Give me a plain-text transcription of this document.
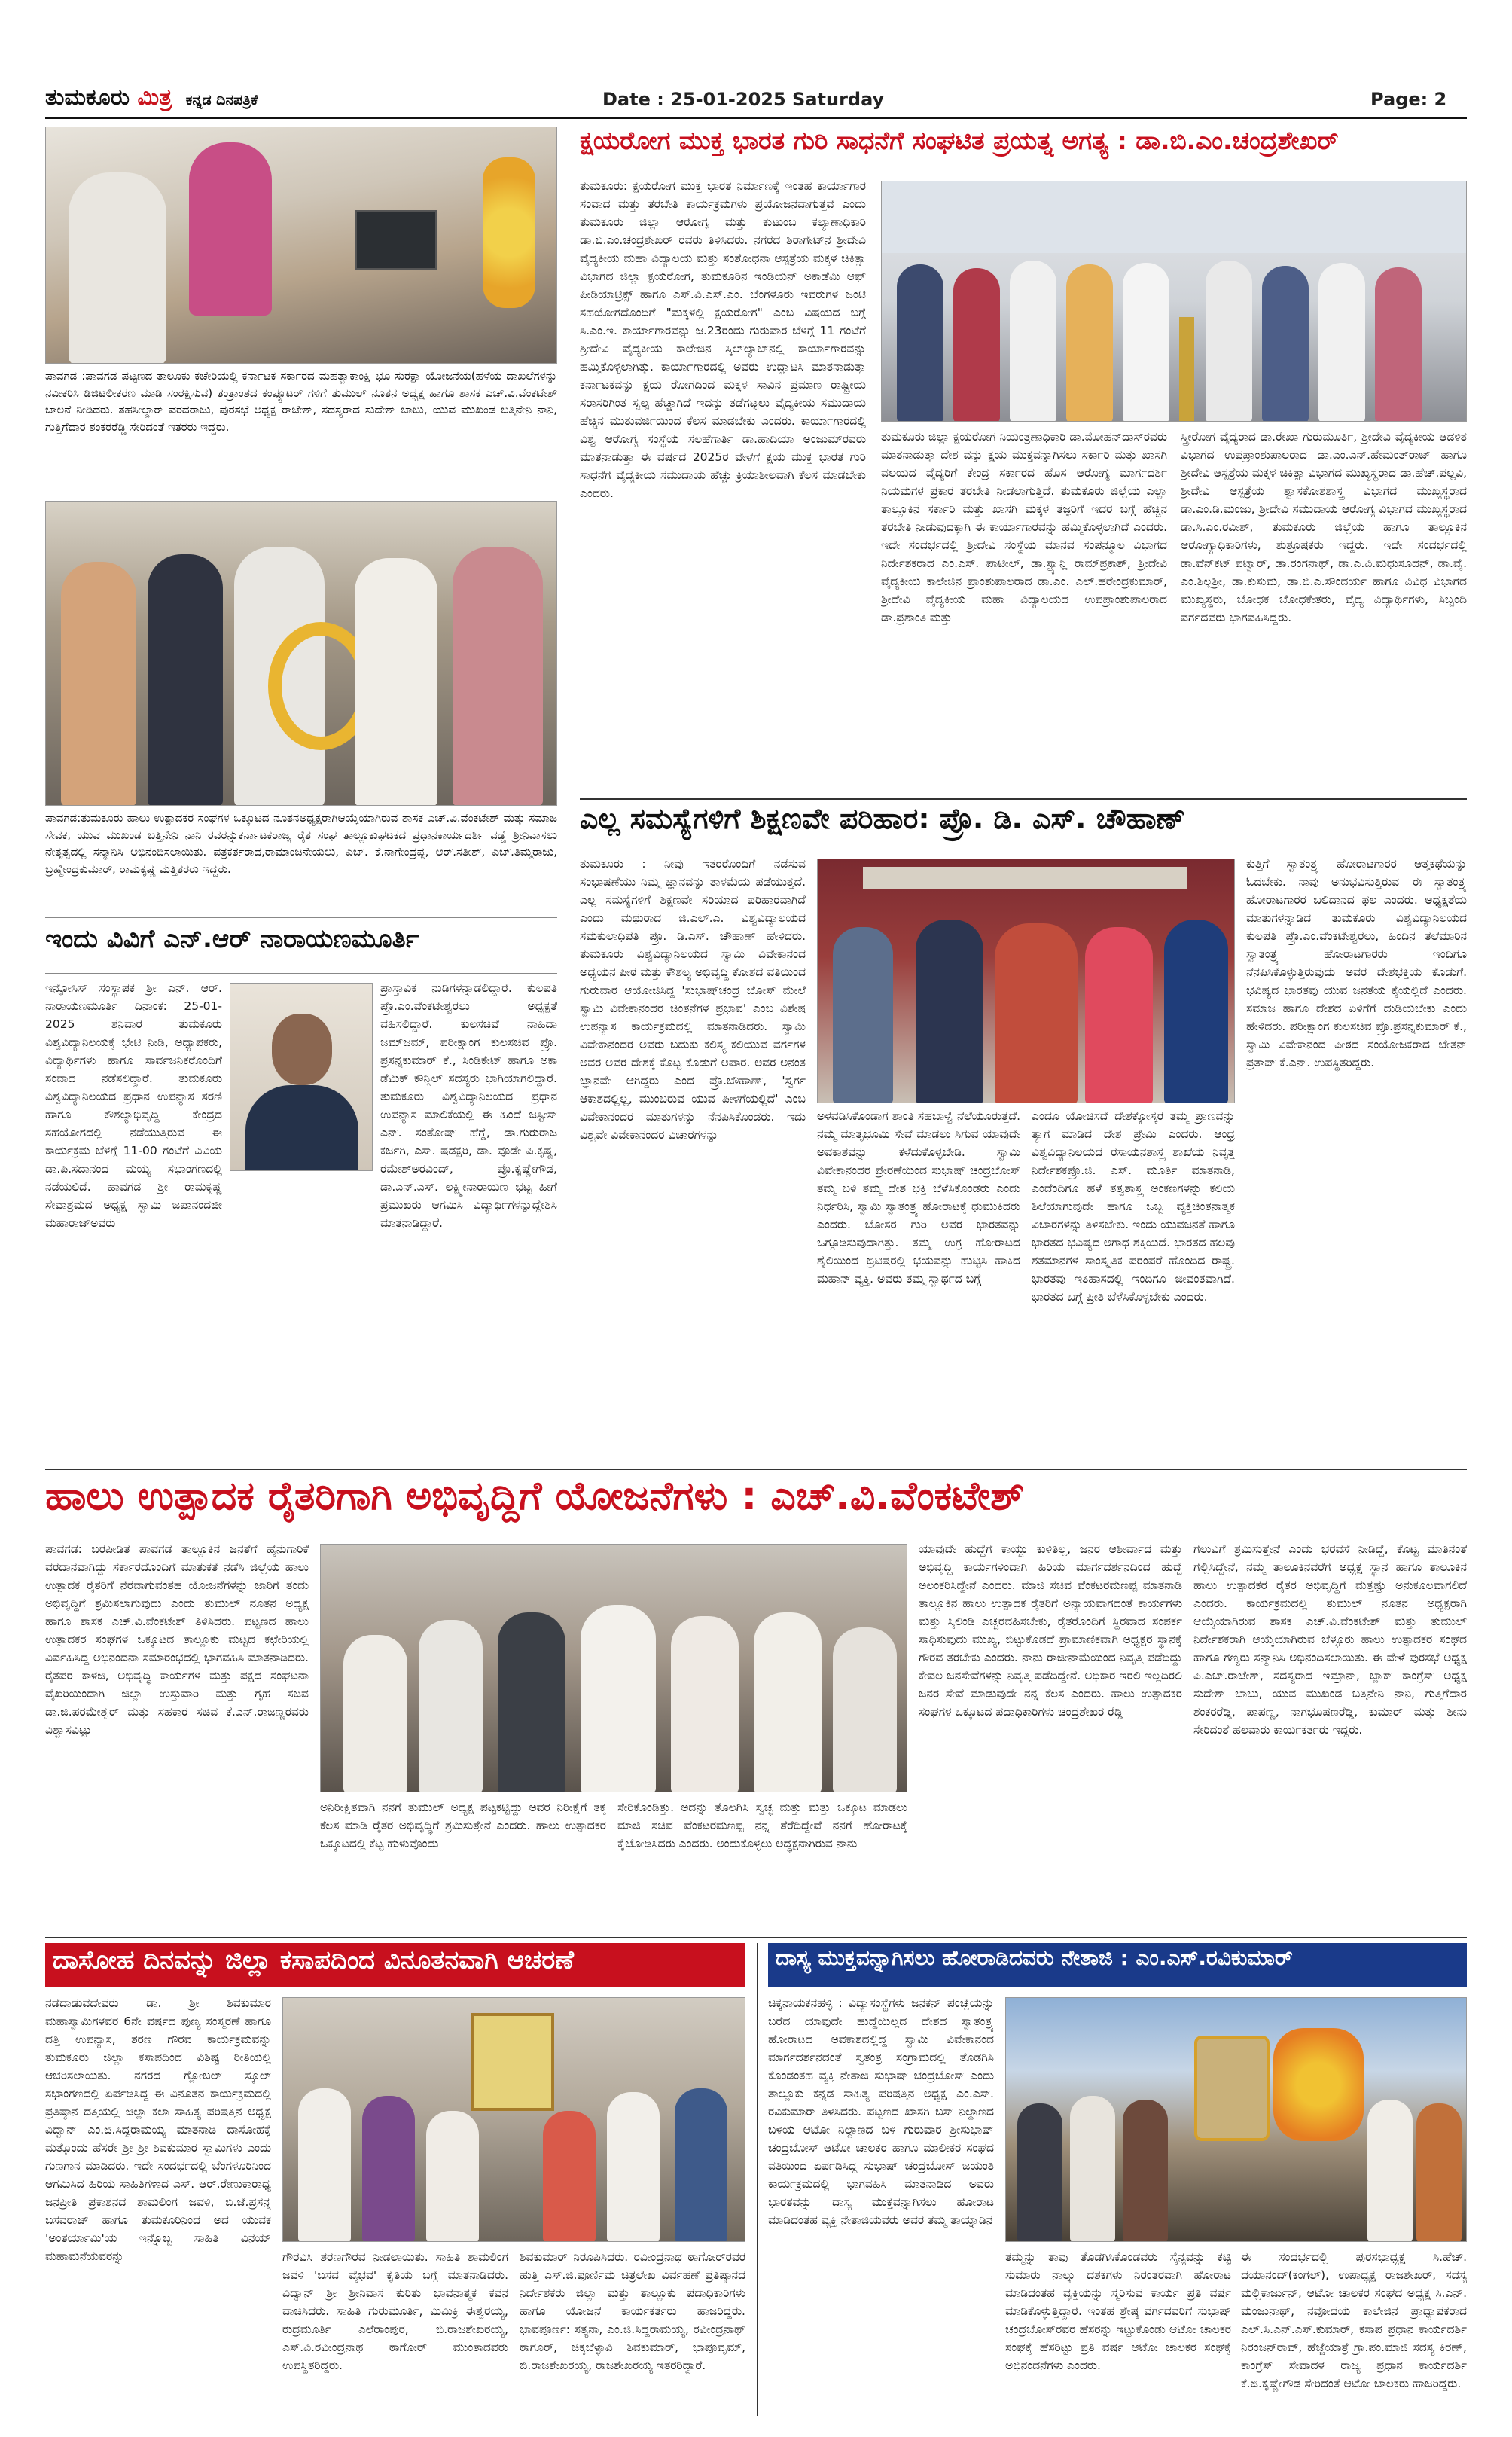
ತುಮಕೂರು ಮಿತ್ರ ಕನ್ನಡ ದಿನಪತ್ರಿಕೆ	Date : 25-01-2025 Saturday	Page: 2
ಪಾವಗಡ :ಪಾವಗಡ ಪಟ್ಟಣದ ತಾಲೂಕು ಕಚೇರಿಯಲ್ಲಿ ಕರ್ನಾಟಕ ಸರ್ಕಾರದ ಮಹತ್ವಾಕಾಂಕ್ಷಿ ಭೂ ಸುರಕ್ಷಾ ಯೋಜನೆಯ(ಹಳೆಯ ದಾಖಲೆಗಳನ್ನು ನವೀಕರಿಸಿ ಡಿಜಿಟಲೀಕರಣ ಮಾಡಿ ಸಂರಕ್ಷಿಸುವ) ತಂತ್ರಾಂಶದ ಕಂಪ್ಯೂಟರ್ ಗಳಿಗೆ ತುಮುಲ್ ನೂತನ ಅಧ್ಯಕ್ಷ ಹಾಗೂ ಶಾಸಕ ಎಚ್.ವಿ.ವೆಂಕಟೇಶ್ ಚಾಲನೆ ನೀಡಿದರು. ತಹಸೀಲ್ದಾರ್ ವರದರಾಜು, ಪುರಸಭೆ ಅಧ್ಯಕ್ಷ ರಾಜೇಶ್, ಸದಸ್ಯರಾದ ಸುದೇಶ್ ಬಾಬು, ಯುವ ಮುಖಂಡ ಬತ್ತಿನೇನಿ ನಾನಿ, ಗುತ್ತಿಗೆದಾರ ಶಂಕರರೆಡ್ಡಿ ಸೇರಿದಂತೆ ಇತರರು ಇದ್ದರು.
ಪಾವಗಡ:ತುಮಕೂರು ಹಾಲು ಉತ್ಪಾದಕರ ಸಂಘಗಳ ಒಕ್ಕೂಟದ ನೂತನಅಧ್ಯಕ್ಷರಾಗಿಆಯ್ಕೆಯಾಗಿರುವ ಶಾಸಕ ಎಚ್.ವಿ.ವೆಂಕಟೇಶ್ ಮತ್ತು ಸಮಾಜ ಸೇವಕ, ಯುವ ಮುಖಂಡ ಬತ್ತಿನೇನಿ ನಾನಿ ರವರನ್ನುಕರ್ನಾಟಕರಾಜ್ಯ ರೈತ ಸಂಘ ತಾಲ್ಲೂಕುಘಟಕದ ಪ್ರಧಾನಕಾರ್ಯದರ್ಶಿ ವಡ್ಡೆ ಶ್ರೀನಿವಾಸಲು ನೇತೃತ್ವದಲ್ಲಿ ಸನ್ಮಾನಿಸಿ ಅಭಿನಂದಿಸಲಾಯಿತು. ಪತ್ರಕರ್ತರಾದ,ರಾಮಾಂಜನೇಯಲು, ಎಚ್. ಕೆ.ನಾಗೇಂದ್ರಪ್ಪ, ಆರ್.ಸತೀಶ್, ಎಚ್.ತಿಮ್ಮರಾಜು, ಬ್ರಹ್ಮೇಂದ್ರಕುಮಾರ್, ರಾಮಕೃಷ್ಣ ಮತ್ತಿತರರು ಇದ್ದರು.
ಇಂದು ವಿವಿಗೆ ಎನ್.ಆರ್ ನಾರಾಯಣಮೂರ್ತಿ
ಇನ್ಫೋಸಿಸ್ ಸಂಸ್ಥಾಪಕ ಶ್ರೀ ಎನ್. ಆರ್. ನಾರಾಯಣಮೂರ್ತಿ ದಿನಾಂಕ: 25-01-2025 ಶನಿವಾರ ತುಮಕೂರು ವಿಶ್ವವಿದ್ಯಾನಿಲಯಕ್ಕೆ ಭೇಟಿ ನೀಡಿ, ಅಧ್ಯಾಪಕರು, ವಿದ್ಯಾರ್ಥಿಗಳು ಹಾಗೂ ಸಾರ್ವಜನಿಕರೊಂದಿಗೆ ಸಂವಾದ ನಡೆಸಲಿದ್ದಾರೆ. ತುಮಕೂರು ವಿಶ್ವವಿದ್ಯಾನಿಲಯದ ಪ್ರಧಾನ ಉಪನ್ಯಾಸ ಸರಣಿ ಹಾಗೂ ಕೌಶಲ್ಯಾಭಿವೃದ್ಧಿ ಕೇಂದ್ರದ ಸಹಯೋಗದಲ್ಲಿ ನಡೆಯುತ್ತಿರುವ ಈ ಕಾರ್ಯಕ್ರಮ ಬೆಳಗ್ಗೆ 11-00 ಗಂಟೆಗೆ ವಿವಿಯ ಡಾ.ಪಿ.ಸದಾನಂದ ಮಯ್ಯ ಸಭಾಂಗಣದಲ್ಲಿ ನಡೆಯಲಿದೆ. ಹಾವಗಡ ಶ್ರೀ ರಾಮಕೃಷ್ಣ ಸೇವಾಶ್ರಮದ ಅಧ್ಯಕ್ಷ ಸ್ವಾಮಿ ಜಪಾನಂದಜೀ ಮಹಾರಾಜ್‌ಅವರು
ಪ್ರಾಸ್ತಾವಿಕ ನುಡಿಗಳನ್ನಾಡಲಿದ್ದಾರೆ. ಕುಲಪತಿ ಪ್ರೊ.ಎಂ.ವೆಂಕಟೇಶ್ವರಲು ಅಧ್ಯಕ್ಷತೆ ವಹಿಸಲಿದ್ದಾರೆ. ಕುಲಸಚಿವೆ ನಾಹಿದಾ ಜಮ್‌ಜಮ್, ಪರೀಕ್ಷಾಂಗ ಕುಲಸಚಿವ ಪ್ರೊ. ಪ್ರಸನ್ನಕುಮಾರ್ ಕೆ., ಸಿಂಡಿಕೇಟ್ ಹಾಗೂ ಅಕಾ ಡೆಮಿಕ್ ಕೌನ್ಸಿಲ್ ಸದಸ್ಯರು ಭಾಗಿಯಾಗಲಿದ್ದಾರೆ. ತುಮಕೂರು ವಿಶ್ವವಿದ್ಯಾನಿಲಯದ ಪ್ರಧಾನ ಉಪನ್ಯಾಸ ಮಾಲಿಕೆಯಲ್ಲಿ ಈ ಹಿಂದೆ ಜಸ್ಟೀಸ್ ಎನ್. ಸಂತೋಷ್ ಹೆಗ್ಡೆ, ಡಾ.ಗುರುರಾಜ ಕರ್ಜಗಿ, ಎಸ್. ಷಡಕ್ಷರಿ, ಡಾ. ವೂಡೇ ಪಿ.ಕೃಷ್ಣ, ರಮೇಶ್‌ಅರವಿಂದ್, ಪ್ರೊ.ಕೃಷ್ಣೇಗೌಡ, ಡಾ.ಎನ್.ಎಸ್. ಲಕ್ಷ್ಮೀನಾರಾಯಣ ಭಟ್ಟ ಹೀಗೆ ಪ್ರಮುಖರು ಆಗಮಿಸಿ ವಿದ್ಯಾರ್ಥಿಗಳನ್ನುದ್ದೇಶಿಸಿ ಮಾತನಾಡಿದ್ದಾರೆ.
ಕ್ಷಯರೋಗ ಮುಕ್ತ ಭಾರತ ಗುರಿ ಸಾಧನೆಗೆ ಸಂಘಟಿತ ಪ್ರಯತ್ನ ಅಗತ್ಯ : ಡಾ.ಬಿ.ಎಂ.ಚಂದ್ರಶೇಖರ್
ತುಮಕೂರು: ಕ್ಷಯರೋಗ ಮುಕ್ತ ಭಾರತ ನಿರ್ಮಾಣಕ್ಕೆ ಇಂತಹ ಕಾರ್ಯಾಗಾರ ಸಂವಾದ ಮತ್ತು ತರಬೇತಿ ಕಾರ್ಯಕ್ರಮಗಳು ಪ್ರಯೋಜನವಾಗುತ್ತವೆ ಎಂದು ತುಮಕೂರು ಜಿಲ್ಲಾ ಆರೋಗ್ಯ ಮತ್ತು ಕುಟುಂಬ ಕಲ್ಯಾಣಾಧಿಕಾರಿ ಡಾ.ಬಿ.ಎಂ.ಚಂದ್ರಶೇಖರ್ ರವರು ತಿಳಿಸಿದರು. ನಗರದ ಶಿರಾಗೇಟ್‌ನ ಶ್ರೀದೇವಿ ವೈದ್ಯಕೀಯ ಮಹಾ ವಿದ್ಯಾಲಯ ಮತ್ತು ಸಂಶೋಧನಾ ಆಸ್ಪತ್ರೆಯ ಮಕ್ಕಳ ಚಿಕಿತ್ಸಾ ವಿಭಾಗದ ಜಿಲ್ಲಾ ಕ್ಷಯರೋಗ, ತುಮಕೂರಿನ ಇಂಡಿಯನ್ ಅಕಾಡೆಮಿ ಆಫ್ ಪೀಡಿಯಾಟ್ರಿಕ್ಸ್ ಹಾಗೂ ಎಸ್.ವಿ.ಎಸ್.ಎಂ. ಬೆಂಗಳೂರು ಇವರುಗಳ ಜಂಟಿ ಸಹಯೋಗದೊಂದಿಗೆ "ಮಕ್ಕಳಲ್ಲಿ ಕ್ಷಯರೋಗ" ಎಂಬ ವಿಷಯದ ಬಗ್ಗೆ ಸಿ.ಎಂ.ಇ. ಕಾರ್ಯಾಗಾರವನ್ನು ಜ.23ರಂದು ಗುರುವಾರ ಬೆಳಗ್ಗೆ 11 ಗಂಟೆಗೆ ಶ್ರೀದೇವಿ ವೈದ್ಯಕೀಯ ಕಾಲೇಜಿನ ಸ್ಕಿಲ್‌ಲ್ಯಾಬ್‌ನಲ್ಲಿ ಕಾರ್ಯಾಗಾರವನ್ನು ಹಮ್ಮಿಕೊಳ್ಳಲಾಗಿತ್ತು. ಕಾರ್ಯಾಗಾರದಲ್ಲಿ ಅವರು ಉದ್ಘಾಟಿಸಿ ಮಾತನಾಡುತ್ತಾ ಕರ್ನಾಟಕವನ್ನು ಕ್ಷಯ ರೋಗದಿಂದ ಮಕ್ಕಳ ಸಾವಿನ ಪ್ರಮಾಣ ರಾಷ್ಟ್ರೀಯ ಸರಾಸರಿಗಿಂತ ಸ್ವಲ್ಪ ಹೆಚ್ಚಾಗಿದೆ ಇದನ್ನು ತಡೆಗಟ್ಟಲು ವೈದ್ಯಕೀಯ ಸಮುದಾಯ ಹೆಚ್ಚಿನ ಮುತುವರ್ಜಿಯಿಂದ ಕೆಲಸ ಮಾಡಬೇಕು ಎಂದರು. ಕಾರ್ಯಾಗಾರದಲ್ಲಿ ವಿಶ್ವ ಆರೋಗ್ಯ ಸಂಸ್ಥೆಯ ಸಲಹೆಗಾರ್ತಿ ಡಾ.ಹಾದಿಯಾ ಅಂಜುಮ್‌ರವರು ಮಾತನಾಡುತ್ತಾ ಈ ವರ್ಷದ 2025ರ ವೇಳೆಗೆ ಕ್ಷಯ ಮುಕ್ತ ಭಾರತ ಗುರಿ ಸಾಧನೆಗೆ ವೈದ್ಯಕೀಯ ಸಮುದಾಯ ಹೆಚ್ಚು ಕ್ರಿಯಾಶೀಲವಾಗಿ ಕೆಲಸ ಮಾಡಬೇಕು ಎಂದರು.
ತುಮಕೂರು ಜಿಲ್ಲಾ ಕ್ಷಯರೋಗ ನಿಯಂತ್ರಣಾಧಿಕಾರಿ ಡಾ.ಮೋಹನ್‌ದಾಸ್‌ರವರು ಮಾತನಾಡುತ್ತಾ ದೇಶ ವನ್ನು ಕ್ಷಯ ಮುಕ್ತವನ್ನಾಗಿಸಲು ಸರ್ಕಾರಿ ಮತ್ತು ಖಾಸಗಿ ವಲಯದ ವೈದ್ಯರಿಗೆ ಕೇಂದ್ರ ಸರ್ಕಾರದ ಹೊಸ ಆರೋಗ್ಯ ಮಾರ್ಗದರ್ಶಿ ನಿಯಮಗಳ ಪ್ರಕಾರ ತರಬೇತಿ ನೀಡಲಾಗುತ್ತಿದೆ. ತುಮಕೂರು ಜಿಲ್ಲೆಯ ಎಲ್ಲಾ ತಾಲ್ಲೂಕಿನ ಸರ್ಕಾರಿ ಮತ್ತು ಖಾಸಗಿ ಮಕ್ಕಳ ತಜ್ಞರಿಗೆ ಇದರ ಬಗ್ಗೆ ಹೆಚ್ಚಿನ ತರಬೇತಿ ನೀಡುವುದಕ್ಕಾಗಿ ಈ ಕಾರ್ಯಾಗಾರವನ್ನು ಹಮ್ಮಿಕೊಳ್ಳಲಾಗಿದೆ ಎಂದರು. ಇದೇ ಸಂದರ್ಭದಲ್ಲಿ ಶ್ರೀದೇವಿ ಸಂಸ್ಥೆಯ ಮಾನವ ಸಂಪನ್ಮೂಲ ವಿಭಾಗದ ನಿರ್ದೇಶಕರಾದ ಎಂ.ಎಸ್. ಪಾಟೀಲ್, ಡಾ.ಸ್ಟ್ಯಾನ್ಲಿ ರಾಮ್‌ಪ್ರಕಾಶ್, ಶ್ರೀದೇವಿ ವೈದ್ಯಕೀಯ ಕಾಲೇಜಿನ ಪ್ರಾಂಶುಪಾಲರಾದ ಡಾ.ಎಂ. ಎಲ್.ಹರೇಂದ್ರಕುಮಾರ್, ಶ್ರೀದೇವಿ ವೈದ್ಯಕೀಯ ಮಹಾ ವಿದ್ಯಾಲಯದ ಉಪಪ್ರಾಂಶುಪಾಲರಾದ ಡಾ.ಪ್ರಶಾಂತಿ ಮತ್ತು
ಸ್ತ್ರೀರೋಗ ವೈದ್ಯರಾದ ಡಾ.ರೇಖಾ ಗುರುಮೂರ್ತಿ, ಶ್ರೀದೇವಿ ವೈದ್ಯಕೀಯ ಆಡಳಿತ ವಿಭಾಗದ ಉಪಪ್ರಾಂಶುಪಾಲರಾದ ಡಾ.ಎಂ.ಎನ್.ಹೇಮಂತ್‌ರಾಜ್ ಹಾಗೂ ಶ್ರೀದೇವಿ ಆಸ್ಪತ್ರೆಯ ಮಕ್ಕಳ ಚಿಕಿತ್ಸಾ ವಿಭಾಗದ ಮುಖ್ಯಸ್ಥರಾದ ಡಾ.ಹೆಚ್.ಪಲ್ಲವಿ, ಶ್ರೀದೇವಿ ಆಸ್ಪತ್ರೆಯ ಶ್ವಾಸಕೋಶಶಾಸ್ತ್ರ ವಿಭಾಗದ ಮುಖ್ಯಸ್ಥರಾದ ಡಾ.ಎಂ.ಡಿ.ಮಂಜು, ಶ್ರೀದೇವಿ ಸಮುದಾಯ ಆರೋಗ್ಯ ವಿಭಾಗದ ಮುಖ್ಯಸ್ಥರಾದ ಡಾ.ಸಿ.ಎಂ.ರವೀಶ್, ತುಮಕೂರು ಜಿಲ್ಲೆಯ ಹಾಗೂ ತಾಲ್ಲೂಕಿನ ಆರೋಗ್ಯಾಧಿಕಾರಿಗಳು, ಶುಶ್ರೂಷಕರು ಇದ್ದರು. ಇದೇ ಸಂದರ್ಭದಲ್ಲಿ ಡಾ.ವೆನ್‌ಕಟ್ ಪಟ್ವಾರ್, ಡಾ.ರಂಗನಾಥ್, ಡಾ.ಎ.ವಿ.ಮಧುಸೂದನ್, ಡಾ.ವೈ. ಎಂ.ಶಿಲ್ಪಶ್ರೀ, ಡಾ.ಕುಸುಮ, ಡಾ.ಬಿ.ಎ.ಸೌಂದರ್ಯ ಹಾಗೂ ವಿವಿಧ ವಿಭಾಗದ ಮುಖ್ಯಸ್ಥರು, ಬೋಧಕ ಬೋಧಕೇತರು, ವೈದ್ಯ ವಿದ್ಯಾರ್ಥಿಗಳು, ಸಿಬ್ಬಂದಿ ವರ್ಗದವರು ಭಾಗವಹಿಸಿದ್ದರು.
ಎಲ್ಲ ಸಮಸ್ಯೆಗಳಿಗೆ ಶಿಕ್ಷಣವೇ ಪರಿಹಾರ: ಪ್ರೊ. ಡಿ. ಎಸ್. ಚೌಹಾಣ್
ತುಮಕೂರು : ನೀವು ಇತರರೊಂದಿಗೆ ನಡೆಸುವ ಸಂಭಾಷಣೆಯು ನಿಮ್ಮ ಜ್ಞಾನವನ್ನು ತಾಳಮೆಯ ಪಡೆಯುತ್ತದೆ. ಎಲ್ಲ ಸಮಸ್ಯೆಗಳಿಗೆ ಶಿಕ್ಷಣವೇ ಸರಿಯಾದ ಪರಿಹಾರವಾಗಿದೆ ಎಂದು ಮಥುರಾದ ಜಿ.ಎಲ್.ಎ. ವಿಶ್ವವಿದ್ಯಾಲಯದ ಸಮಕುಲಾಧಿಪತಿ ಪ್ರೊ. ಡಿ.ಎಸ್. ಚೌಹಾಣ್ ಹೇಳಿದರು. ತುಮಕೂರು ವಿಶ್ವವಿದ್ಯಾನಿಲಯದ ಸ್ವಾಮಿ ವಿವೇಕಾನಂದ ಅಧ್ಯಯನ ಪೀಠ ಮತ್ತು ಕೌಶಲ್ಯ ಅಭಿವೃದ್ಧಿ ಕೋಶದ ವತಿಯಿಂದ ಗುರುವಾರ ಆಯೋಜಿಸಿದ್ದ 'ಸುಭಾಷ್‌ಚಂದ್ರ ಬೋಸ್ ಮೇಲೆ ಸ್ವಾಮಿ ವಿವೇಕಾನಂದರ ಚಿಂತನೆಗಳ ಪ್ರಭಾವ' ಎಂಬ ವಿಶೇಷ ಉಪನ್ಯಾಸ ಕಾರ್ಯಕ್ರಮದಲ್ಲಿ ಮಾತನಾಡಿದರು. ಸ್ವಾಮಿ ವಿವೇಕಾನಂದರ ಅವರು ಬದುಕು ಕಲಿಸ್ತ್ಯ ಕಲಿಯುವ ವರ್ಗಗಳ ಅವರ ಅವರ ದೇಶಕ್ಕೆ ಕೊಟ್ಟ ಕೊಡುಗೆ ಅಪಾರ. ಅವರ ಅನಂತ ಜ್ಞಾನವೇ ಆಗಿದ್ದರು ಎಂದ ಪ್ರೊ.ಚೌಹಾಣ್, 'ಸ್ವರ್ಗ ಆಕಾಶದಲ್ಲಿಲ್ಲ, ಮುಂಬರುವ ಯುವ ಪೀಳಿಗೆಯಲ್ಲಿದೆ' ಎಂಬ ವಿವೇಕಾನಂದರ ಮಾತುಗಳನ್ನು ನೆನಪಿಸಿಕೊಂಡರು. ಇದು ವಿಶ್ವವೇ ವಿವೇಕಾನಂದರ ವಿಚಾರಗಳನ್ನು
ಅಳವಡಿಸಿಕೊಂಡಾಗ ಶಾಂತಿ ಸಹಬಾಳ್ವೆ ನೆಲೆಯೂರುತ್ತದೆ. ನಮ್ಮ ಮಾತೃಭೂಮಿ ಸೇವೆ ಮಾಡಲು ಸಿಗುವ ಯಾವುದೇ ಅವಕಾಶವನ್ನು ಕಳೆದುಕೊಳ್ಳಬೇಡಿ. ಸ್ವಾಮಿ ವಿವೇಕಾನಂದರ ಪ್ರೇರಣೆಯಿಂದ ಸುಭಾಷ್ ಚಂದ್ರಬೋಸ್ ತಮ್ಮ ಬಳಿ ತಮ್ಮ ದೇಶ ಭಕ್ತಿ ಬೆಳೆಸಿಕೊಂಡರು ಎಂದು ನಿರ್ಧರಿಸಿ, ಸ್ವಾಮಿ ಸ್ವಾತಂತ್ರ್ಯ ಹೋರಾಟಕ್ಕೆ ಧುಮುಕಿದರು ಎಂದರು. ಬೋಸರ ಗುರಿ ಅವರ ಭಾರತವನ್ನು ಒಗ್ಗೂಡಿಸುವುದಾಗಿತ್ತು. ತಮ್ಮ ಉಗ್ರ ಹೋರಾಟದ ಶೈಲಿಯಿಂದ ಬ್ರಿಟಿಷರಲ್ಲಿ ಭಯವನ್ನು ಹುಟ್ಟಿಸಿ ಹಾಕಿದ ಮಹಾನ್ ವ್ಯಕ್ತಿ. ಅವರು ತಮ್ಮ ಸ್ವಾರ್ಥದ ಬಗ್ಗೆ
ಎಂದೂ ಯೋಚಿಸದೆ ದೇಶಕ್ಕೋಸ್ಕರ ತಮ್ಮ ಪ್ರಾಣವನ್ನು ತ್ಯಾಗ ಮಾಡಿದ ದೇಶ ಪ್ರೇಮಿ ಎಂದರು. ಆಂಧ್ರ ವಿಶ್ವವಿದ್ಯಾನಿಲಯದ ರಸಾಯನಶಾಸ್ತ್ರ ಶಾಖೆಯ ನಿವೃತ್ತ ನಿರ್ದೇಶಕಪ್ರೊ.ಜಿ. ಎಸ್. ಮೂರ್ತಿ ಮಾತನಾಡಿ, ಎಂದೆಂದಿಗೂ ಹಳೆ ತತ್ವಶಾಸ್ತ್ರ ಅಂಕಣಗಳನ್ನು ಕಲಿಯ ಶಿಲೆಯಾಗುವುದೇ ಹಾಗೂ ಒಬ್ಬ ವ್ಯಕ್ತಿಚಿಂತನಾತ್ಮಕ ವಿಚಾರಗಳನ್ನು ತಿಳಿಸಬೇಕು. ಇಂದು ಯುವಜನತೆ ಹಾಗೂ ಭಾರತದ ಭವಿಷ್ಯದ ಅಗಾಧ ಶಕ್ತಿಯಿದೆ. ಭಾರತದ ಹಲವು ಶತಮಾನಗಳ ಸಾಂಸ್ಕೃತಿಕ ಪರಂಪರೆ ಹೊಂದಿದ ರಾಷ್ಟ್ರ. ಭಾರತವು ಇತಿಹಾಸದಲ್ಲಿ ಇಂದಿಗೂ ಜೀವಂತವಾಗಿದೆ. ಭಾರತದ ಬಗ್ಗೆ ಪ್ರೀತಿ ಬೆಳೆಸಿಕೊಳ್ಳಬೇಕು ಎಂದರು.
ಕುತ್ತಿಗೆ ಸ್ವಾತಂತ್ರ್ಯ ಹೋರಾಟಗಾರರ ಆತ್ಮಕಥೆಯನ್ನು ಓದಬೇಕು. ನಾವು ಅನುಭವಿಸುತ್ತಿರುವ ಈ ಸ್ವಾತಂತ್ರ್ಯ ಹೋರಾಟಗಾರರ ಬಲಿದಾನದ ಫಲ ಎಂದರು. ಅಧ್ಯಕ್ಷತೆಯ ಮಾತುಗಳನ್ನಾಡಿದ ತುಮಕೂರು ವಿಶ್ವವಿದ್ಯಾನಿಲಯದ ಕುಲಪತಿ ಪ್ರೊ.ಎಂ.ವೆಂಕಟೇಶ್ವರಲು, ಹಿಂದಿನ ತಲೆಮಾರಿನ ಸ್ವಾತಂತ್ರ್ಯ ಹೋರಾಟಗಾರರು ಇಂದಿಗೂ ನೆನಪಿಸಿಕೊಳ್ಳುತ್ತಿರುವುದು ಅವರ ದೇಶಭಕ್ತಿಯ ಕೊಡುಗೆ. ಭವಿಷ್ಯದ ಭಾರತವು ಯುವ ಜನತೆಯ ಕೈಯಲ್ಲಿದೆ ಎಂದರು. ಸಮಾಜ ಹಾಗೂ ದೇಶದ ಏಳಿಗೆಗೆ ದುಡಿಯಬೇಕು ಎಂದು ಹೇಳಿದರು. ಪರೀಕ್ಷಾಂಗ ಕುಲಸಚಿವ ಪ್ರೊ.ಪ್ರಸನ್ನಕುಮಾರ್ ಕೆ., ಸ್ವಾಮಿ ವಿವೇಕಾನಂದ ಪೀಠದ ಸಂಯೋಜಕರಾದ ಚೇತನ್ ಪ್ರತಾಪ್ ಕೆ.ಎನ್. ಉಪಸ್ಥಿತರಿದ್ದರು.
ಹಾಲು ಉತ್ಪಾದಕ ರೈತರಿಗಾಗಿ ಅಭಿವೃದ್ದಿಗೆ ಯೋಜನೆಗಳು : ಎಚ್.ವಿ.ವೆಂಕಟೇಶ್
ಪಾವಗಡ: ಬರಪೀಡಿತ ಪಾವಗಡ ತಾಲ್ಲೂಕಿನ ಜನತೆಗೆ ಹೈನುಗಾರಿಕೆ ವರದಾನವಾಗಿದ್ದು ಸರ್ಕಾರದೊಂದಿಗೆ ಮಾತುಕತೆ ನಡೆಸಿ ಜಿಲ್ಲೆಯ ಹಾಲು ಉತ್ಪಾದಕ ರೈತರಿಗೆ ನೆರವಾಗುವಂತಹ ಯೋಜನೆಗಳನ್ನು ಜಾರಿಗೆ ತಂದು ಅಭಿವೃದ್ಧಿಗೆ ಶ್ರಮಿಸಲಾಗುವುದು ಎಂದು ತುಮುಲ್ ನೂತನ ಅಧ್ಯಕ್ಷ ಹಾಗೂ ಶಾಸಕ ಎಚ್.ವಿ.ವೆಂಕಟೇಶ್ ತಿಳಿಸಿದರು. ಪಟ್ಟಣದ ಹಾಲು ಉತ್ಪಾದಕರ ಸಂಘಗಳ ಒಕ್ಕೂಟದ ತಾಲ್ಲೂಕು ಮಟ್ಟದ ಕಛೇರಿಯಲ್ಲಿ ವಿರ್ವಹಿಸಿದ್ದ ಅಭಿನಂದನಾ ಸಮಾರಂಭದಲ್ಲಿ ಭಾಗವಹಿಸಿ ಮಾತನಾಡಿದರು. ರೈತಪರ ಕಾಳಜಿ, ಅಭಿವೃದ್ಧಿ ಕಾರ್ಯಗಳ ಮತ್ತು ಪಕ್ಷದ ಸಂಘಟನಾ ವೈಖರಿಯಿಂದಾಗಿ ಜಿಲ್ಲಾ ಉಸ್ತುವಾರಿ ಮತ್ತು ಗೃಹ ಸಚಿವ ಡಾ.ಜಿ.ಪರಮೇಶ್ವರ್ ಮತ್ತು ಸಹಕಾರ ಸಚಿವ ಕೆ.ಎನ್.ರಾಜಣ್ಣರವರು ವಿಶ್ವಾಸವಿಟ್ಟು
ಅನಿರೀಕ್ಷಿತವಾಗಿ ನನಗೆ ತುಮುಲ್ ಅಧ್ಯಕ್ಷ ಪಟ್ಟಕಟ್ಟಿದ್ದು ಅವರ ನಿರೀಕ್ಷೆಗೆ ತಕ್ಕ ಕೆಲಸ ಮಾಡಿ ರೈತರ ಅಭಿವೃದ್ಧಿಗೆ ಶ್ರಮಿಸುತ್ತೇನೆ ಎಂದರು. ಹಾಲು ಉತ್ಪಾದಕರ ಒಕ್ಕೂಟದಲ್ಲಿ ಕೆಟ್ಟ ಹುಳುವೊಂದು
ಸೇರಿಕೊಂಡಿತ್ತು. ಅದನ್ನು ತೊಲಗಿಸಿ ಸ್ವಚ್ಛ ಮತ್ತು ಮತ್ತು ಒಕ್ಕೂಟ ಮಾಡಲು ಮಾಜಿ ಸಚಿವ ವೆಂಕಟರಮಣಪ್ಪ ನನ್ನ ತೆರೆದಿದ್ದೇವೆ ನನಗೆ ಹೋರಾಟಕ್ಕೆ ಕೈಜೋಡಿಸಿದರು ಎಂದರು. ಅಂದುಕೊಳ್ಳಲು ಅದ್ಧಕ್ಷನಾಗಿರುವ ನಾನು
ಯಾವುದೇ ಹುದ್ದೆಗೆ ಕಾಯ್ದು ಕುಳಿತಿಲ್ಲ, ಜನರ ಆಶೀರ್ವಾದ ಮತ್ತು ಅಭಿವೃದ್ಧಿ ಕಾರ್ಯಗಳಿಂದಾಗಿ ಹಿರಿಯ ಮಾರ್ಗದರ್ಶನದಿಂದ ಹುದ್ದೆ ಅಲಂಕರಿಸಿದ್ದೇನೆ ಎಂದರು. ಮಾಜಿ ಸಚಿವ ವೆಂಕಟರಮಣಪ್ಪ ಮಾತನಾಡಿ ತಾಲ್ಲೂಕಿನ ಹಾಲು ಉತ್ಪಾದಕ ರೈತರಿಗೆ ಅನ್ಯಾಯವಾಗದಂತೆ ಕಾರ್ಯಗಳು ಮತ್ತು ಸ್ಕಿಲಿಂಡಿ ಎಚ್ಚರವಹಿಸಬೇಕು, ರೈತರೊಂದಿಗೆ ಸ್ಥಿರವಾದ ಸಂಪರ್ಕ ಸಾಧಿಸುವುದು ಮುಖ್ಯ, ಬಿಟ್ಟುಕೊಡದೆ ಪ್ರಾಮಾಣಿಕವಾಗಿ ಅಧ್ಯಕ್ಷರ ಸ್ಥಾನಕ್ಕೆ ಗೌರವ ತರಬೇಕು ಎಂದರು. ನಾನು ರಾಜೀನಾಮೆಯಿಂದ ನಿವೃತ್ತಿ ಪಡೆದಿದ್ದು ಕೇವಲ ಜನಸೇವೆಗಳನ್ನು ನಿವೃತ್ತಿ ಪಡೆದಿದ್ದೇನೆ. ಅಧಿಕಾರ ಇರಲಿ ಇಲ್ಲದಿರಲಿ ಜನರ ಸೇವೆ ಮಾಡುವುದೇ ನನ್ನ ಕೆಲಸ ಎಂದರು. ಹಾಲು ಉತ್ಪಾದಕರ ಸಂಘಗಳ ಒಕ್ಕೂಟದ ಪದಾಧಿಕಾರಿಗಳು ಚಂದ್ರಶೇಖರ ರೆಡ್ಡಿ
ಗೆಲುವಿಗೆ ಶ್ರಮಿಸುತ್ತೇನೆ ಎಂದು ಭರವಸೆ ನೀಡಿದ್ದೆ, ಕೊಟ್ಟ ಮಾತಿನಂತೆ ಗೆಲ್ಲಿಸಿದ್ದೇನೆ, ನಮ್ಮ ತಾಲೂಕಿನವರೆಗೆ ಅಧ್ಯಕ್ಷ ಸ್ಥಾನ ಹಾಗೂ ತಾಲೂಕಿನ ಹಾಲು ಉತ್ಪಾದಕರ ರೈತರ ಅಭಿವೃದ್ಧಿಗೆ ಮತ್ತಷ್ಟು ಅನುಕೂಲವಾಗಲಿದೆ ಎಂದರು. ಕಾರ್ಯಕ್ರಮದಲ್ಲಿ ತುಮುಲ್ ನೂತನ ಅಧ್ಯಕ್ಷರಾಗಿ ಆಯ್ಕೆಯಾಗಿರುವ ಶಾಸಕ ಎಚ್.ವಿ.ವೆಂಕಟೇಶ್ ಮತ್ತು ತುಮುಲ್ ನಿರ್ದೇಶಕರಾಗಿ ಆಯ್ಕೆಯಾಗಿರುವ ಬೆಳ್ಳೂರು ಹಾಲು ಉತ್ಪಾದಕರ ಸಂಘದ ಹಾಗೂ ಗಣ್ಯರು ಸನ್ಮಾನಿಸಿ ಅಭಿನಂದಿಸಲಾಯಿತು. ಈ ವೇಳೆ ಪುರಸಭೆ ಅಧ್ಯಕ್ಷ ಪಿ.ಎಚ್.ರಾಜೇಶ್, ಸದಸ್ಯರಾದ ಇಮ್ರಾನ್, ಬ್ಲಾಕ್ ಕಾಂಗ್ರೆಸ್ ಅಧ್ಯಕ್ಷ ಸುದೇಶ್ ಬಾಬು, ಯುವ ಮುಖಂಡ ಬತ್ತಿನೇನಿ ನಾನಿ, ಗುತ್ತಿಗೆದಾರ ಶಂಕರರೆಡ್ಡಿ, ಪಾಪಣ್ಣ, ನಾಗಭೂಷಣರೆಡ್ಡಿ, ಕುಮಾರ್ ಮತ್ತು ಶೀನು ಸೇರಿದಂತೆ ಹಲವಾರು ಕಾರ್ಯಕರ್ತರು ಇದ್ದರು.
ದಾಸೋಹ ದಿನವನ್ನು ಜಿಲ್ಲಾ ಕಸಾಪದಿಂದ ವಿನೂತನವಾಗಿ ಆಚರಣೆ
ನಡೆದಾಡುವದೇವರು ಡಾ. ಶ್ರೀ ಶಿವಕುಮಾರ ಮಹಾಸ್ವಾಮಿಗಳವರ 6ನೇ ವರ್ಷದ ಪುಣ್ಯ ಸಂಸ್ಮರಣೆ ಹಾಗೂ ದತ್ತಿ ಉಪನ್ಯಾಸ, ಶರಣ ಗೌರವ ಕಾರ್ಯಕ್ರಮವನ್ನು ತುಮಕೂರು ಜಿಲ್ಲಾ ಕಸಾಪದಿಂದ ವಿಶಿಷ್ಟ ರೀತಿಯಲ್ಲಿ ಆಚರಿಸಲಾಯಿತು. ನಗರದ ಗ್ಲೋಬಲ್ ಸ್ಕೂಲ್ ಸಭಾಂಗಣದಲ್ಲಿ ಏರ್ಪಡಿಸಿದ್ದ ಈ ವಿನೂತನ ಕಾರ್ಯಕ್ರಮದಲ್ಲಿ ಪ್ರತಿಷ್ಠಾನ ದತ್ತಿಯಲ್ಲಿ ಜಿಲ್ಲಾ ಕಲಾ ಸಾಹಿತ್ಯ ಪರಿಷತ್ತಿನ ಅಧ್ಯಕ್ಷ ವಿದ್ವಾನ್ ಎಂ.ಜಿ.ಸಿದ್ದರಾಮಯ್ಯ ಮಾತನಾಡಿ ದಾಸೋಹಕ್ಕೆ ಮತ್ತೊಂದು ಹೆಸರೇ ಶ್ರೀ ಶ್ರೀ ಶಿವಕುಮಾರ ಸ್ವಾಮಿಗಳು ಎಂದು ಗುಣಗಾನ ಮಾಡಿದರು. ಇದೇ ಸಂದರ್ಭದಲ್ಲಿ ಬೆಂಗಳೂರಿನಿಂದ ಆಗಮಿಸಿದ ಹಿರಿಯ ಸಾಹಿತಿಗಳಾದ ಎಸ್. ಆರ್.ರೇಣುಕಾರಾಧ್ಯ ಜನಪ್ರೀತಿ ಪ್ರಕಾಶನದ ಶಾಮಲಿಂಗ ಜವಳಿ, ಬಿ.ಜೆ.ಪ್ರಸನ್ನ ಬಸವರಾಜ್ ಹಾಗೂ ತುಮಕೂರಿನಿಂದ ಅದ ಯುವಕ 'ಅಂತರ್ಯಾಮಿ'ಯ ಇನ್ನೊಬ್ಬ ಸಾಹಿತಿ ವಿನಯ್ ಮಹಾಮನೆಯವರನ್ನು	ಗೌರವಿಸಿ ಶರಣಗೌರವ ನೀಡಲಾಯಿತು. ಸಾಹಿತಿ ಶಾಮಲಿಂಗ ಜವಳಿ 'ಬಸವ ವೈಭವ' ಕೃತಿಯ ಬಗ್ಗೆ ಮಾತನಾಡಿದರು. ವಿದ್ವಾನ್ ಶ್ರೀ ಶ್ರೀನಿವಾಸ ಕುರಿತು ಭಾವನಾತ್ಮಕ ಕವನ ವಾಚಿಸಿದರು. ಸಾಹಿತಿ ಗುರುಮೂರ್ತಿ, ಮಿಮಿಕ್ರಿ ಈಶ್ವರಯ್ಯ, ರುದ್ರಮೂರ್ತಿ ಎಲೆರಾಂಪುರ, ಬಿ.ರಾಜಶೇಖರಯ್ಯ, ಎಸ್.ವಿ.ರವೀಂದ್ರನಾಥ ಠಾಗೋರ್ ಮುಂತಾದವರು ಉಪಸ್ಥಿತರಿದ್ದರು.
ಶಿವಕುಮಾರ್ ನಿರೂಪಿಸಿದರು. ರವೀಂದ್ರನಾಥ ಠಾಗೋರ್‌ರವರ ಹುತ್ತಿ ಎಸ್.ಜಿ.ಪೂರ್ಣಿಮ ಚಿತ್ರಲೇಖ ವಿರ್ವಹಣೆ ಪ್ರತಿಷ್ಠಾನದ ನಿರ್ದೇಶಕರು ಜಿಲ್ಲಾ ಮತ್ತು ತಾಲ್ಲೂಕು ಪದಾಧಿಕಾರಿಗಳು ಹಾಗೂ ಯೋಜನೆ ಕಾರ್ಯಕರ್ತರು ಹಾಜರಿದ್ದರು. ಭಾವಪೂರ್ಣ: ಸತ್ಯನಾ, ಎಂ.ಜಿ.ಸಿದ್ದರಾಮಯ್ಯ, ರವೀಂದ್ರನಾಥ್ ಠಾಗೂರ್, ಚಿಕ್ಕಬೆಳ್ಳಾವಿ ಶಿವಕುಮಾರ್, ಭಾಪೂವೃಮ್, ಬಿ.ರಾಜಶೇಖರಯ್ಯ, ರಾಜಶೇಖರಯ್ಯ ಇತರರಿದ್ದಾರೆ.
ದಾಸ್ಯ ಮುಕ್ತವನ್ನಾಗಿಸಲು ಹೋರಾಡಿದವರು ನೇತಾಜಿ : ಎಂ.ಎಸ್.ರವಿಕುಮಾರ್
ಚಿಕ್ಕನಾಯಕನಹಳ್ಳಿ : ವಿದ್ಯಾಸಂಸ್ಥೆಗಳು ಜನಕನ್ ಪಂಚ್ಲೆಯನ್ನು ಬರೆದ ಯಾವುದೇ ಹುದ್ದೆಯಿಲ್ಲದ ದೇಶದ ಸ್ವಾತಂತ್ರ್ಯ ಹೋರಾಟದ ಅವಕಾಶದಲ್ಲಿದ್ದ ಸ್ವಾಮಿ ವಿವೇಕಾನಂದ ಮಾರ್ಗದರ್ಶನದಂತೆ ಸ್ವತಂತ್ರ ಸಂಗ್ರಾಮದಲ್ಲಿ ತೊಡಗಿಸಿ ಕೊಂಡಂತಹ ವ್ಯಕ್ತಿ ನೇತಾಜಿ ಸುಭಾಷ್ ಚಂದ್ರಬೋಸ್ ಎಂದು ತಾಲ್ಲೂಕು ಕನ್ನಡ ಸಾಹಿತ್ಯ ಪರಿಷತ್ತಿನ ಅಧ್ಯಕ್ಷ ಎಂ.ಎಸ್. ರವಿಕುಮಾರ್ ತಿಳಿಸಿದರು. ಪಟ್ಟಣದ ಖಾಸಗಿ ಬಸ್ ನಿಲ್ದಾಣದ ಬಳಿಯ ಆಟೋ ನಿಲ್ದಾಣದ ಬಳಿ ಗುರುವಾರ ಶ್ರೀಸುಭಾಷ್ ಚಂದ್ರಬೋಸ್ ಆಟೋ ಚಾಲಕರ ಹಾಗೂ ಮಾಲೀಕರ ಸಂಘದ ವತಿಯಿಂದ ಏರ್ಪಡಿಸಿದ್ದ ಸುಭಾಷ್ ಚಂದ್ರಬೋಸ್ ಜಯಂತಿ ಕಾರ್ಯಕ್ರಮದಲ್ಲಿ ಭಾಗವಹಿಸಿ ಮಾತನಾಡಿದ ಅವರು ಭಾರತವನ್ನು ದಾಸ್ಯ ಮುಕ್ತವನ್ನಾಗಿಸಲು ಹೋರಾಟ ಮಾಡಿದಂತಹ ವ್ಯಕ್ತಿ ನೇತಾಜಿಯವರು ಅವರ ತಮ್ಮ ತಾಯ್ನಾಡಿನ
ತಮ್ಮನ್ನು ತಾವು ತೊಡಗಿಸಿಕೊಂಡವರು ಸೈನ್ಯವನ್ನು ಕಟ್ಟಿ ಸುಮಾರು ನಾಲ್ಕು ದಶಕಗಳು ನಿರಂತರವಾಗಿ ಹೋರಾಟ ಮಾಡಿದಂತಹ ವ್ಯಕ್ತಿಯನ್ನು ಸ್ಮರಿಸುವ ಕಾರ್ಯ ಪ್ರತಿ ವರ್ಷ ಮಾಡಿಕೊಳ್ಳುತ್ತಿದ್ದಾರೆ. ಇಂತಹ ಶ್ರೇಷ್ಠ ವರ್ಗದವರಿಗೆ ಸುಭಾಷ್ ಚಂದ್ರಬೋಸ್‌ರವರ ಹೆಸರನ್ನು ಇಟ್ಟುಕೊಂಡು ಆಟೋ ಚಾಲಕರ ಸಂಘಕ್ಕೆ ಹೆಸರಿಟ್ಟು ಪ್ರತಿ ವರ್ಷ ಆಟೋ ಚಾಲಕರ ಸಂಘಕ್ಕೆ ಅಭಿನಂದನೆಗಳು ಎಂದರು.
ಈ ಸಂದರ್ಭದಲ್ಲಿ ಪುರಸಭಾಧ್ಯಕ್ಷ ಸಿ.ಹೆಚ್. ದಯಾನಂದ್(ಕಂಗಲ್), ಉಪಾಧ್ಯಕ್ಷ ರಾಜಶೇಖರ್, ಸದಸ್ಯ ಮಲ್ಲಿಕಾರ್ಜುನ್, ಆಟೋ ಚಾಲಕರ ಸಂಘದ ಅಧ್ಯಕ್ಷ ಸಿ.ಎನ್. ಮಂಜುನಾಥ್, ನವೋದಯ ಕಾಲೇಜಿನ ಪ್ರಾಧ್ಯಾಪಕರಾದ ಎಲ್.ಸಿ.ಎನ್.ಎಸ್.ಕುಮಾರ್, ಕಸಾಪ ಪ್ರಧಾನ ಕಾರ್ಯದರ್ಶಿ ನಿರಂಜನ್‌ರಾವ್, ಹೆಜ್ಜೆಯಾತ್ರೆ ಗ್ರಾ.ಪಂ.ಮಾಜಿ ಸದಸ್ಯ ಕಿರಣ್, ಕಾಂಗ್ರೆಸ್ ಸೇವಾದಳ ರಾಜ್ಯ ಪ್ರಧಾನ ಕಾರ್ಯದರ್ಶಿ ಕೆ.ಜಿ.ಕೃಷ್ಣೇಗೌಡ ಸೇರಿದಂತೆ ಆಟೋ ಚಾಲಕರು ಹಾಜರಿದ್ದರು.
